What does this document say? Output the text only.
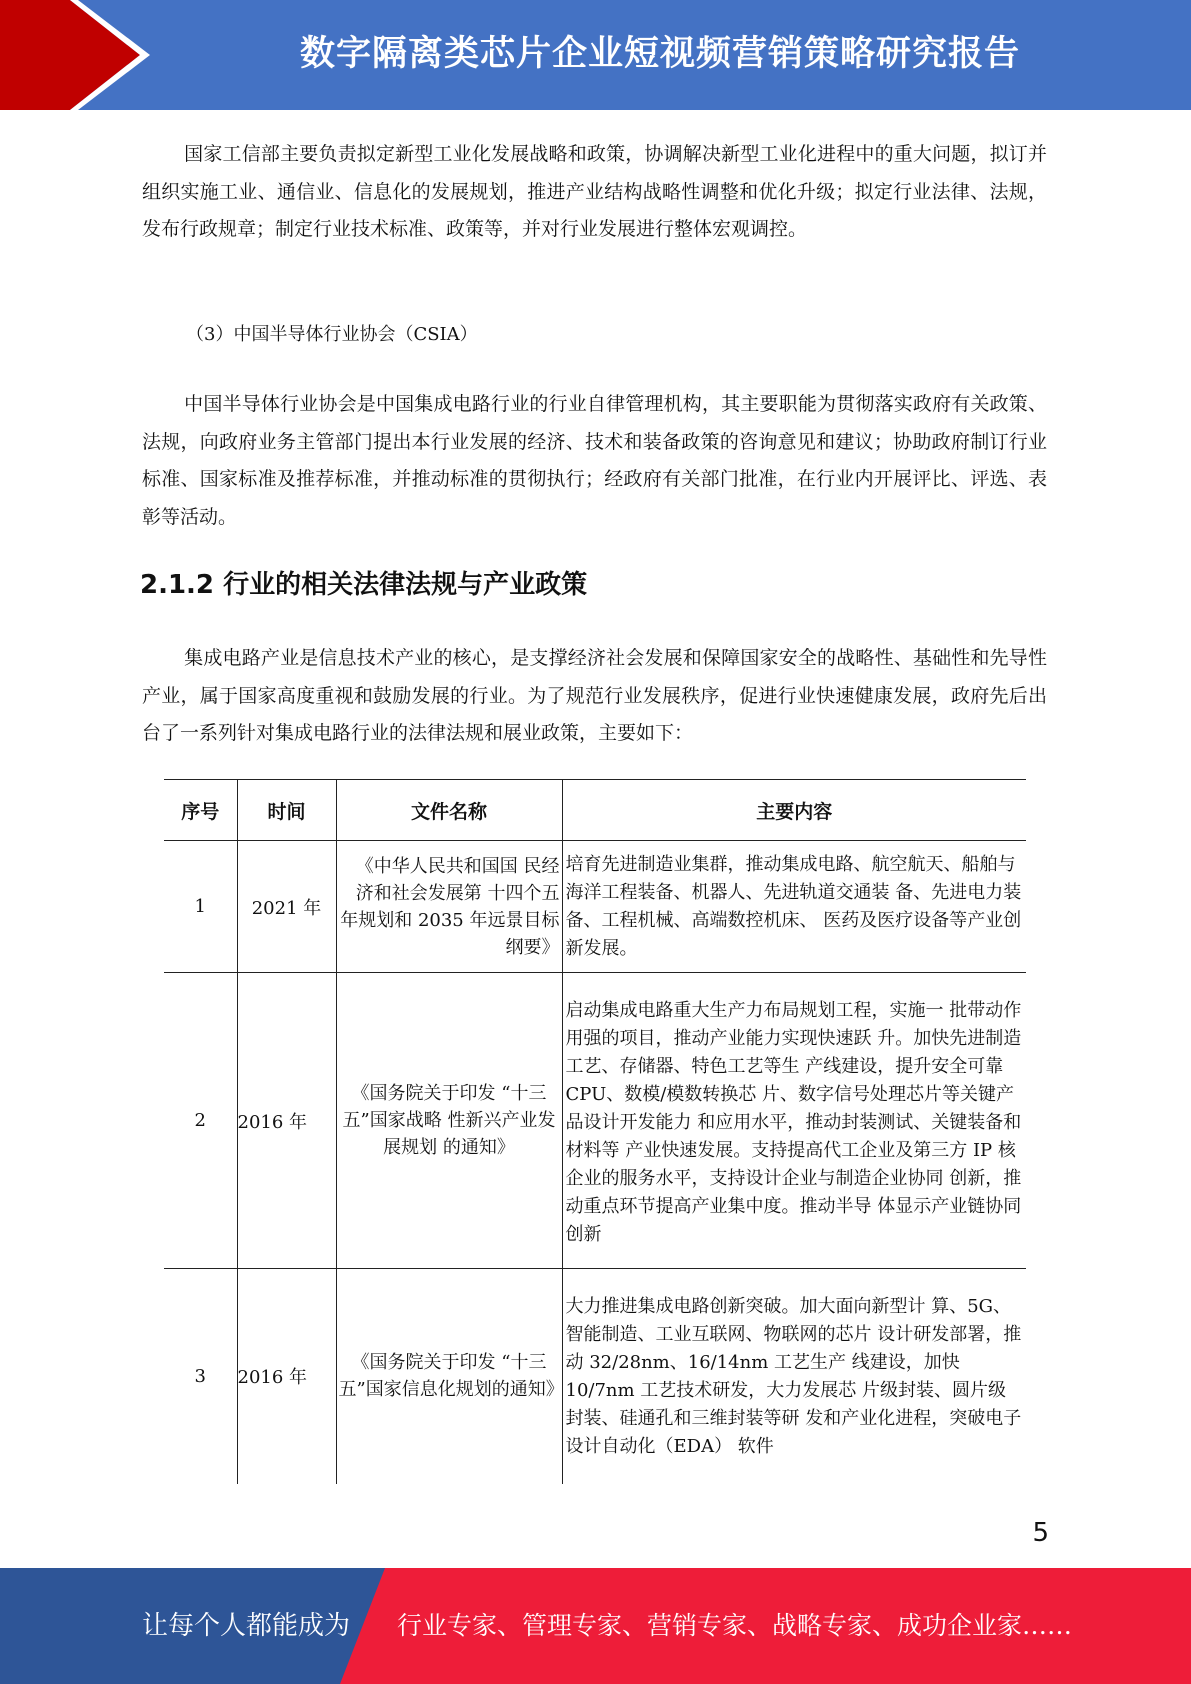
数字隔离类芯片企业短视频营销策略研究报告

国家工信部主要负责拟定新型工业化发展战略和政策，协调解决新型工业化进程中的重大问题，拟订并组织实施工业、通信业、信息化的发展规划，推进产业结构战略性调整和优化升级；拟定行业法律、法规，发布行政规章；制定行业技术标准、政策等，并对行业发展进行整体宏观调控。

（3）中国半导体行业协会（CSIA）

中国半导体行业协会是中国集成电路行业的行业自律管理机构，其主要职能为贯彻落实政府有关政策、法规，向政府业务主管部门提出本行业发展的经济、技术和装备政策的咨询意见和建议；协助政府制订行业标准、国家标准及推荐标准，并推动标准的贯彻执行；经政府有关部门批准，在行业内开展评比、评选、表彰等活动。

2.1.2 行业的相关法律法规与产业政策

集成电路产业是信息技术产业的核心，是支撑经济社会发展和保障国家安全的战略性、基础性和先导性产业，属于国家高度重视和鼓励发展的行业。为了规范行业发展秩序，促进行业快速健康发展，政府先后出台了一系列针对集成电路行业的法律法规和展业政策，主要如下：

序号	时间	文件名称	主要内容
1	2021 年	《中华人民共和国国 民经济和社会发展第 十四个五年规划和 2035 年远景目标纲要》	培育先进制造业集群，推动集成电路、航空航天、船舶与海洋工程装备、机器人、先进轨道交通装 备、先进电力装备、工程机械、高端数控机床、 医药及医疗设备等产业创新发展。
2	2016 年	《国务院关于印发 “十三五”国家战略 性新兴产业发展规划 的通知》	启动集成电路重大生产力布局规划工程，实施一 批带动作用强的项目，推动产业能力实现快速跃 升。加快先进制造工艺、存储器、特色工艺等生 产线建设，提升安全可靠 CPU、数模/模数转换芯 片、数字信号处理芯片等关键产品设计开发能力 和应用水平，推动封装测试、关键装备和材料等 产业快速发展。支持提高代工企业及第三方 IP 核 企业的服务水平，支持设计企业与制造企业协同 创新，推动重点环节提高产业集中度。推动半导 体显示产业链协同创新
3	2016 年	《国务院关于印发 “十三五”国家信息化规划的通知》	大力推进集成电路创新突破。加大面向新型计 算、5G、智能制造、工业互联网、物联网的芯片 设计研发部署，推动 32/28nm、16/14nm 工艺生产 线建设，加快 10/7nm 工艺技术研发，大力发展芯 片级封装、圆片级封装、硅通孔和三维封装等研 发和产业化进程，突破电子设计自动化（EDA） 软件
5
让每个人都能成为 行业专家、管理专家、营销专家、战略专家、成功企业家……
